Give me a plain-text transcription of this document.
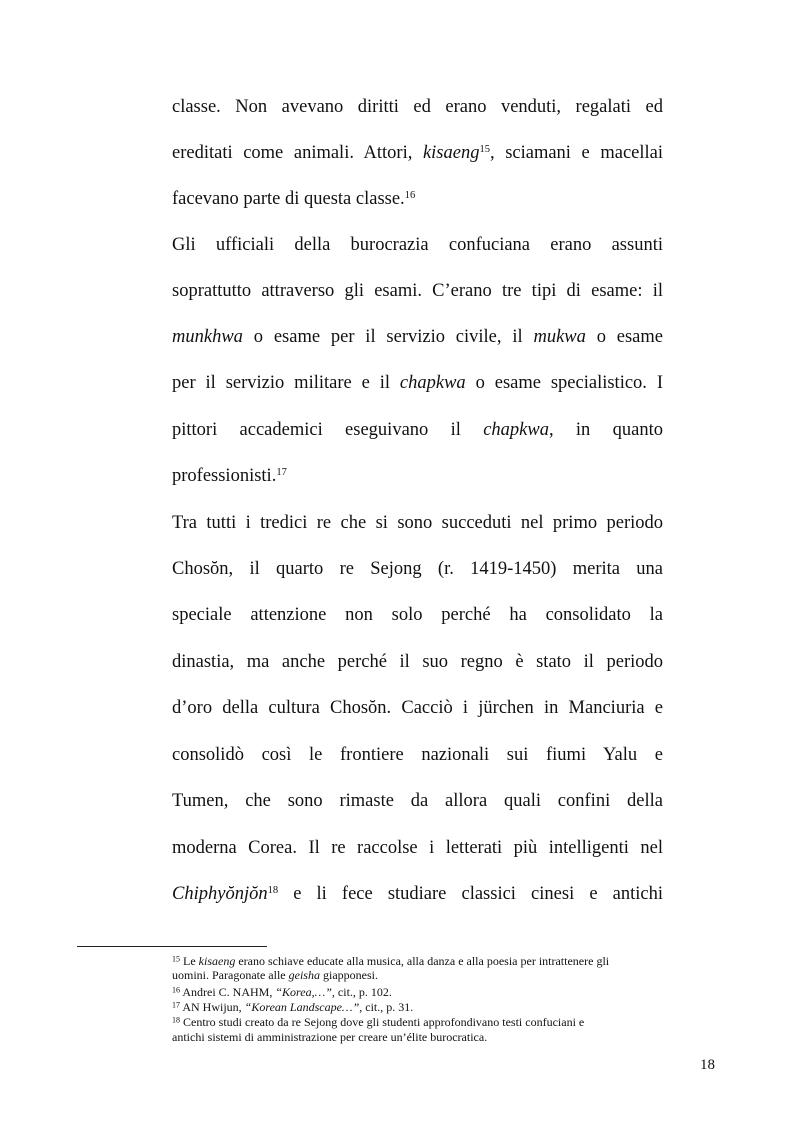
classe. Non avevano diritti ed erano venduti, regalati ed
ereditati come animali. Attori, kisaeng$^{15}$, sciamani e macellai
facevano parte di questa classe.$^{16}$
Gli ufficiali della burocrazia confuciana erano assunti
soprattutto attraverso gli esami. C’erano tre tipi di esame: il
munkhwa o esame per il servizio civile, il mukwa o esame
per il servizio militare e il chapkwa o esame specialistico. I
pittori accademici eseguivano il chapkwa, in quanto
professionisti.$^{17}$
Tra tutti i tredici re che si sono succeduti nel primo periodo
Chosŏn, il quarto re Sejong (r. 1419-1450) merita una
speciale attenzione non solo perché ha consolidato la
dinastia, ma anche perché il suo regno è stato il periodo
d’oro della cultura Chosŏn. Cacciò i jürchen in Manciuria e
consolidò così le frontiere nazionali sui fiumi Yalu e
Tumen, che sono rimaste da allora quali confini della
moderna Corea. Il re raccolse i letterati più intelligenti nel
Chiphyŏnjŏn$^{18}$ e li fece studiare classici cinesi e antichi
$^{15}$ Le kisaeng erano schiave educate alla musica, alla danza e alla poesia per intrattenere gli
uomini. Paragonate alle geisha giapponesi.
$^{16}$ Andrei C. NAHM, “Korea,…”, cit., p. 102.
$^{17}$ AN Hwijun, “Korean Landscape…”, cit., p. 31.
$^{18}$ Centro studi creato da re Sejong dove gli studenti approfondivano testi confuciani e
antichi sistemi di amministrazione per creare un’élite burocratica.
18
